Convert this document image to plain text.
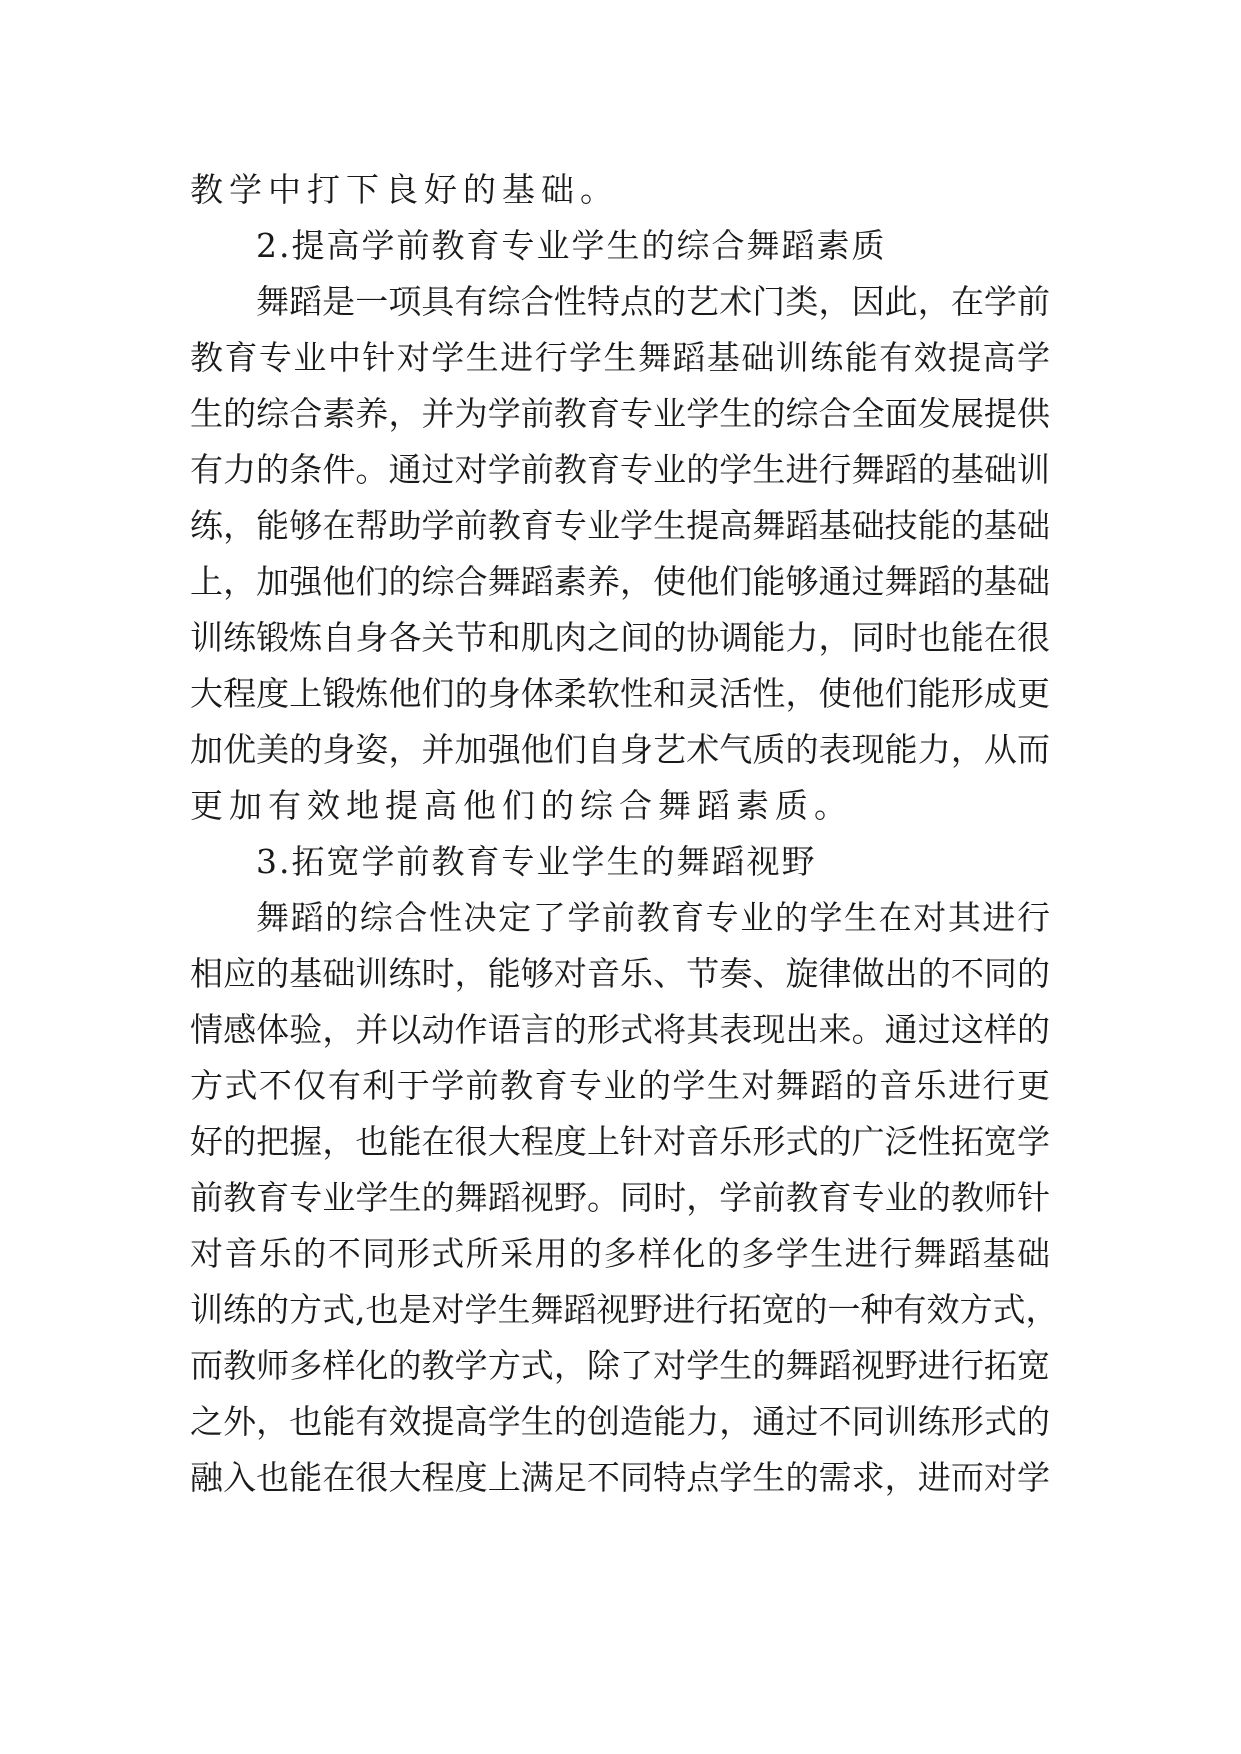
教学中打下良好的基础。
2.提高学前教育专业学生的综合舞蹈素质
舞蹈是一项具有综合性特点的艺术门类，因此，在学前
教育专业中针对学生进行学生舞蹈基础训练能有效提高学
生的综合素养，并为学前教育专业学生的综合全面发展提供
有力的条件。通过对学前教育专业的学生进行舞蹈的基础训
练，能够在帮助学前教育专业学生提高舞蹈基础技能的基础
上，加强他们的综合舞蹈素养，使他们能够通过舞蹈的基础
训练锻炼自身各关节和肌肉之间的协调能力，同时也能在很
大程度上锻炼他们的身体柔软性和灵活性，使他们能形成更
加优美的身姿，并加强他们自身艺术气质的表现能力，从而
更加有效地提高他们的综合舞蹈素质。
3.拓宽学前教育专业学生的舞蹈视野
舞蹈的综合性决定了学前教育专业的学生在对其进行
相应的基础训练时，能够对音乐、节奏、旋律做出的不同的
情感体验，并以动作语言的形式将其表现出来。通过这样的
方式不仅有利于学前教育专业的学生对舞蹈的音乐进行更
好的把握，也能在很大程度上针对音乐形式的广泛性拓宽学
前教育专业学生的舞蹈视野。同时，学前教育专业的教师针
对音乐的不同形式所采用的多样化的多学生进行舞蹈基础
训练的方式,也是对学生舞蹈视野进行拓宽的一种有效方式，
而教师多样化的教学方式，除了对学生的舞蹈视野进行拓宽
之外，也能有效提高学生的创造能力，通过不同训练形式的
融入也能在很大程度上满足不同特点学生的需求，进而对学
